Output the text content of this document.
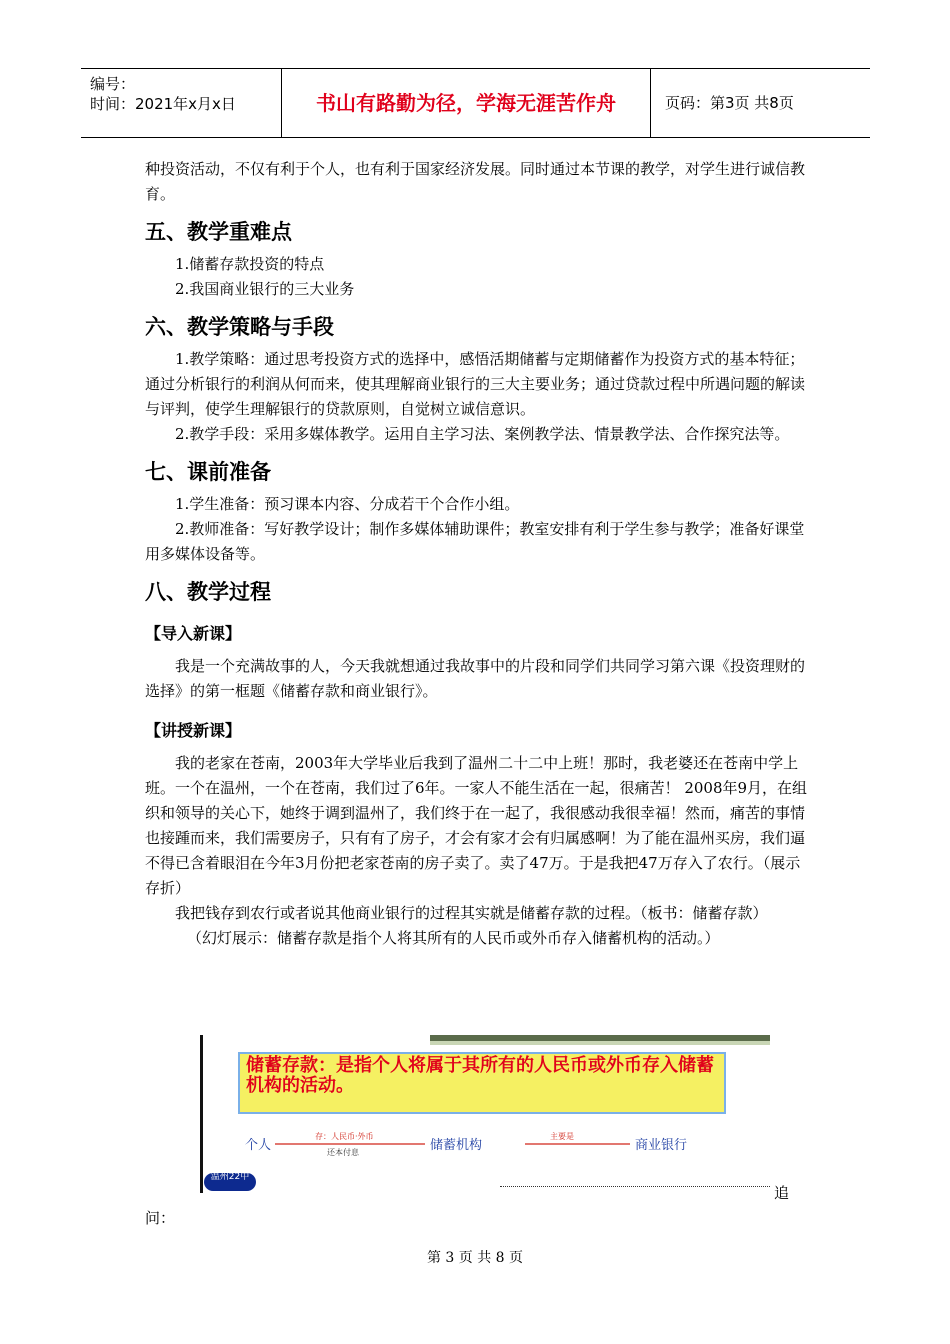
编号：
时间：2021年x月x日	书山有路勤为径，学海无涯苦作舟	页码：第3页 共8页

种投资活动，不仅有利于个人，也有利于国家经济发展。同时通过本节课的教学，对学生进行诚信教育。

五、教学重难点
1.储蓄存款投资的特点
2.我国商业银行的三大业务
六、教学策略与手段

1.教学策略：通过思考投资方式的选择中，感悟活期储蓄与定期储蓄作为投资方式的基本特征；通过分析银行的利润从何而来，使其理解商业银行的三大主要业务；通过贷款过程中所遇问题的解读与评判，使学生理解银行的贷款原则，自觉树立诚信意识。

2.教学手段：采用多媒体教学。运用自主学习法、案例教学法、情景教学法、合作探究法等。

七、课前准备

1.学生准备：预习课本内容、分成若干个合作小组。

2.教师准备：写好教学设计；制作多媒体辅助课件；教室安排有利于学生参与教学；准备好课堂用多媒体设备等。

八、教学过程
【导入新课】

我是一个充满故事的人，今天我就想通过我故事中的片段和同学们共同学习第六课《投资理财的选择》的第一框题《储蓄存款和商业银行》。

【讲授新课】

我的老家在苍南，2003年大学毕业后我到了温州二十二中上班！那时，我老婆还在苍南中学上班。一个在温州，一个在苍南，我们过了6年。一家人不能生活在一起，很痛苦！ 2008年9月，在组织和领导的关心下，她终于调到温州了，我们终于在一起了，我很感动我很幸福！然而，痛苦的事情也接踵而来，我们需要房子，只有有了房子，才会有家才会有归属感啊！为了能在温州买房，我们逼不得已含着眼泪在今年3月份把老家苍南的房子卖了。卖了47万。于是我把47万存入了农行。（展示存折）

我把钱存到农行或者说其他商业银行的过程其实就是储蓄存款的过程。（板书：储蓄存款）

（幻灯展示：储蓄存款是指个人将其所有的人民币或外币存入储蓄机构的活动。）

储蓄存款：是指个人将属于其所有的人民币或外币存入储蓄机构的活动。
个人
存：人民币·外币
还本付息	储蓄机构
主要是
商业银行
温州22中
追
问：
第 3 页 共 8 页
